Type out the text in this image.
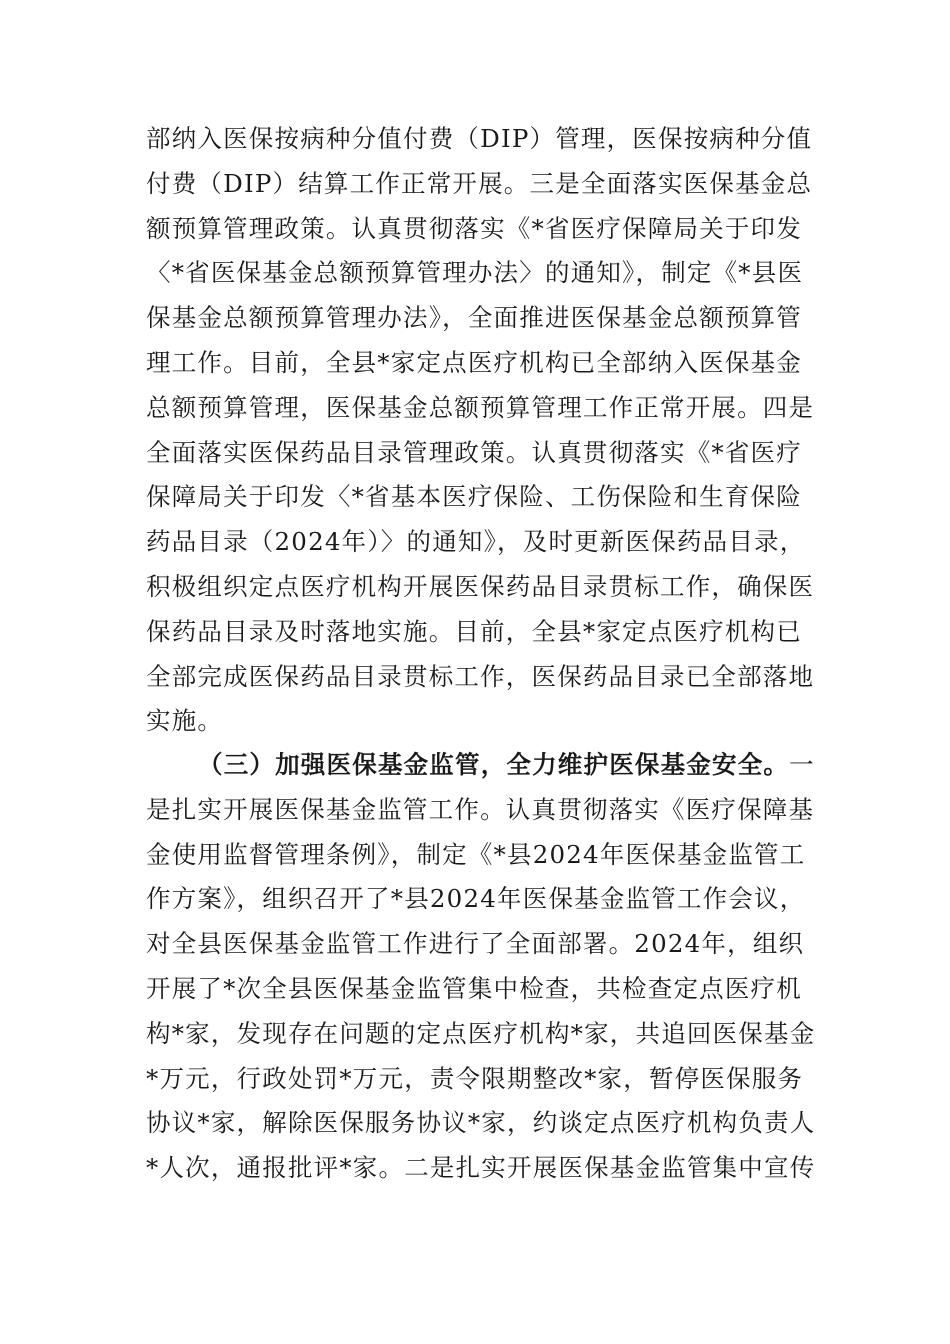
部纳入医保按病种分值付费（DIP）管理，医保按病种分值
付费（DIP）结算工作正常开展。三是全面落实医保基金总
额预算管理政策。认真贯彻落实《*省医疗保障局关于印发
〈*省医保基金总额预算管理办法〉的通知》，制定《*县医
保基金总额预算管理办法》，全面推进医保基金总额预算管
理工作。目前，全县*家定点医疗机构已全部纳入医保基金
总额预算管理，医保基金总额预算管理工作正常开展。四是
全面落实医保药品目录管理政策。认真贯彻落实《*省医疗
保障局关于印发〈*省基本医疗保险、工伤保险和生育保险
药品目录（2024年）〉的通知》，及时更新医保药品目录，
积极组织定点医疗机构开展医保药品目录贯标工作，确保医
保药品目录及时落地实施。目前，全县*家定点医疗机构已
全部完成医保药品目录贯标工作，医保药品目录已全部落地
实施。
（三）加强医保基金监管，全力维护医保基金安全。一
是扎实开展医保基金监管工作。认真贯彻落实《医疗保障基
金使用监督管理条例》，制定《*县2024年医保基金监管工
作方案》，组织召开了*县2024年医保基金监管工作会议，
对全县医保基金监管工作进行了全面部署。2024年，组织
开展了*次全县医保基金监管集中检查，共检查定点医疗机
构*家，发现存在问题的定点医疗机构*家，共追回医保基金
*万元，行政处罚*万元，责令限期整改*家，暂停医保服务
协议*家，解除医保服务协议*家，约谈定点医疗机构负责人
*人次，通报批评*家。二是扎实开展医保基金监管集中宣传
